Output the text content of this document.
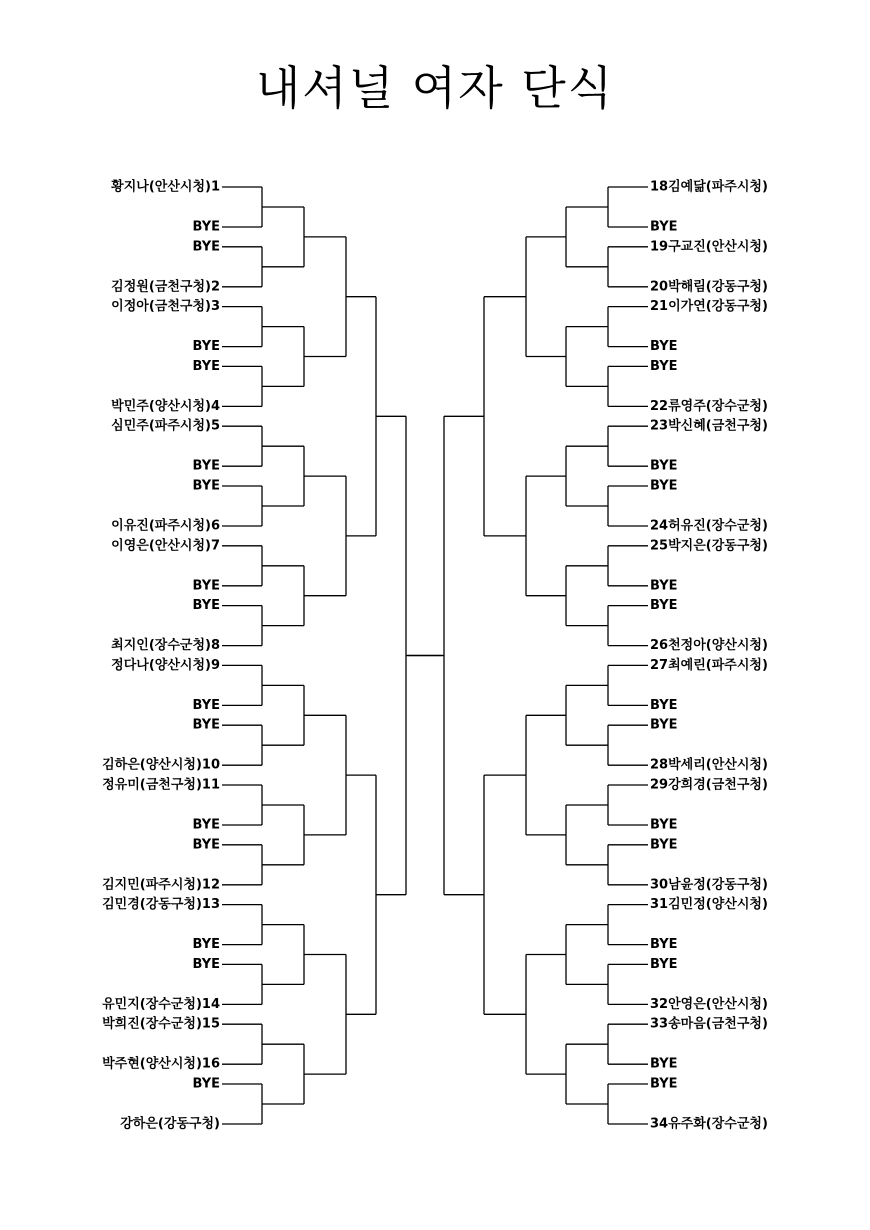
내셔널 여자 단식
황지나(안산시청)1
BYE
BYE
김정원(금천구청)2
이정아(금천구청)3
BYE
BYE
박민주(양산시청)4
심민주(파주시청)5
BYE
BYE
이유진(파주시청)6
이영은(안산시청)7
BYE
BYE
최지인(장수군청)8
정다나(양산시청)9
BYE
BYE
김하은(양산시청)10
정유미(금천구청)11
BYE
BYE
김지민(파주시청)12
김민경(강동구청)13
BYE
BYE
유민지(장수군청)14
박희진(장수군청)15
박주현(양산시청)16
BYE
강하은(강동구청)
18김예닮(파주시청)
BYE
19구교진(안산시청)
20박해림(강동구청)
21이가연(강동구청)
BYE
BYE
22류영주(장수군청)
23박신혜(금천구청)
BYE
BYE
24허유진(장수군청)
25박지은(강동구청)
BYE
BYE
26천정아(양산시청)
27최예린(파주시청)
BYE
BYE
28박세리(안산시청)
29강희경(금천구청)
BYE
BYE
30남윤정(강동구청)
31김민정(양산시청)
BYE
BYE
32안영은(안산시청)
33송마음(금천구청)
BYE
BYE
34유주화(장수군청)
